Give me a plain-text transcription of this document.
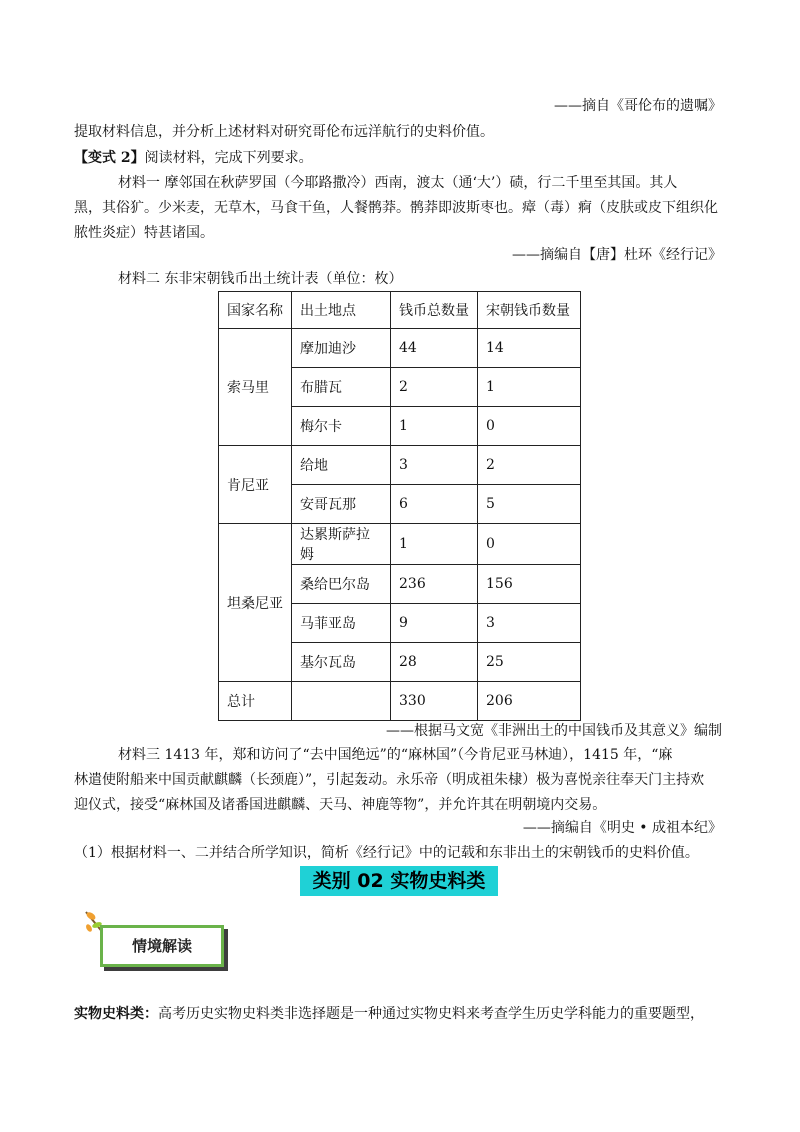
——摘自《哥伦布的遗嘱》
提取材料信息，并分析上述材料对研究哥伦布远洋航行的史料价值。
【变式 2】阅读材料，完成下列要求。
材料一 摩邻国在秋萨罗国（今耶路撒冷）西南，渡太（通‘大’）碛，行二千里至其国。其人
黑，其俗犷。少米麦，无草木，马食干鱼，人餐鹘莽。鹘莽即波斯枣也。瘴（毒）痾（皮肤或皮下组织化
脓性炎症）特甚诸国。
——摘编自【唐】杜环《经行记》
材料二 东非宋朝钱币出土统计表（单位：枚）
国家名称	出土地点	钱币总数量	宋朝钱币数量
索马里	摩加迪沙	44	14
	布腊瓦	2	1
	梅尔卡	1	0
肯尼亚	给地	3	2
	安哥瓦那	6	5
坦桑尼亚	达累斯萨拉姆	1	0
	桑给巴尔岛	236	156
	马菲亚岛	9	3
	基尔瓦岛	28	25
总计		330	206
——根据马文宽《非洲出土的中国钱币及其意义》编制
材料三 1413 年，郑和访问了“去中国绝远”的“麻林国”（今肯尼亚马林迪），1415 年，“麻
林遣使附船来中国贡献麒麟（长颈鹿）”，引起轰动。永乐帝（明成祖朱棣）极为喜悦亲往奉天门主持欢
迎仪式，接受“麻林国及诸番国进麒麟、天马、神鹿等物”，并允许其在明朝境内交易。
——摘编自《明史 • 成祖本纪》
（1）根据材料一、二并结合所学知识，简析《经行记》中的记载和东非出土的宋朝钱币的史料价值。
类别 02 实物史料类
情境解读
实物史料类：高考历史实物史料类非选择题是一种通过实物史料来考查学生历史学科能力的重要题型，
